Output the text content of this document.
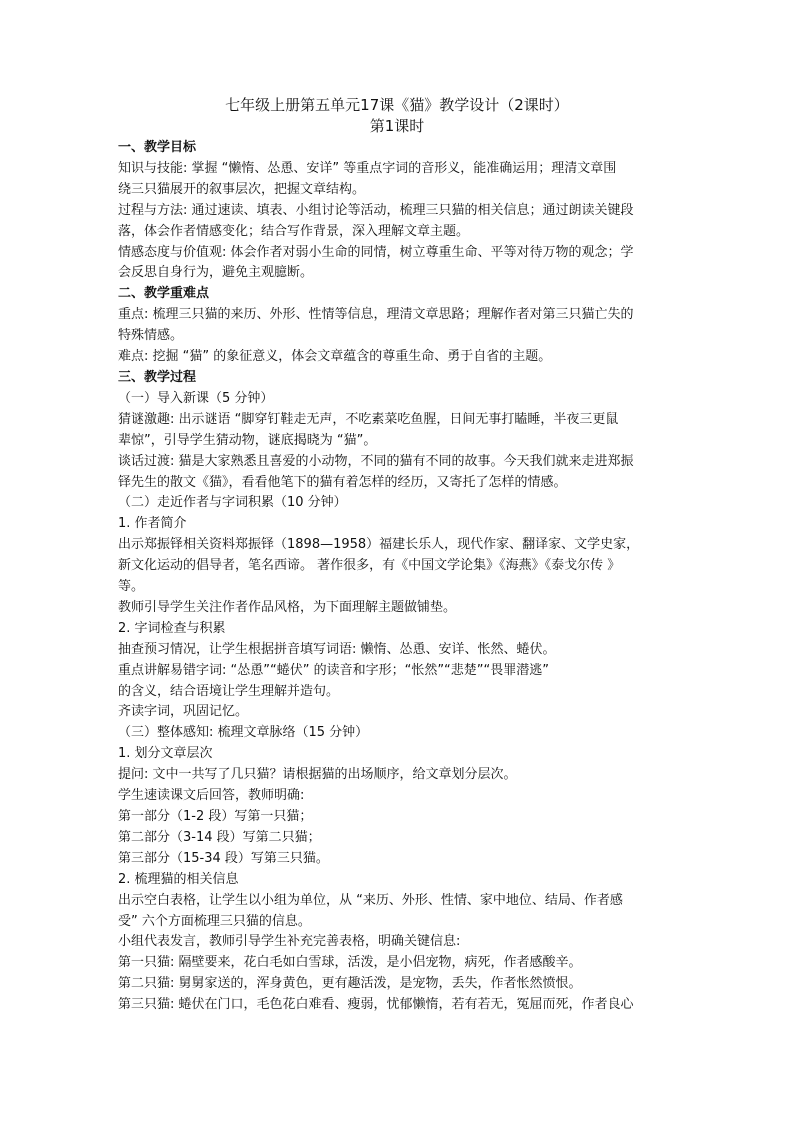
七年级上册第五单元17课《猫》教学设计（2课时）
第1课时

一、教学目标

知识与技能: 掌握 “懒惰、怂恿、安详” 等重点字词的音形义，能准确运用；理清文章围

绕三只猫展开的叙事层次，把握文章结构。

过程与方法: 通过速读、填表、小组讨论等活动，梳理三只猫的相关信息；通过朗读关键段

落，体会作者情感变化；结合写作背景，深入理解文章主题。

情感态度与价值观: 体会作者对弱小生命的同情，树立尊重生命、平等对待万物的观念；学

会反思自身行为，避免主观臆断。

二、教学重难点

重点: 梳理三只猫的来历、外形、性情等信息，理清文章思路；理解作者对第三只猫亡失的

特殊情感。

难点: 挖掘 “猫” 的象征意义，体会文章蕴含的尊重生命、勇于自省的主题。

三、教学过程

（一）导入新课（5 分钟）

猜谜激趣: 出示谜语 “脚穿钉鞋走无声，不吃素菜吃鱼腥，日间无事打瞌睡，半夜三更鼠

辈惊”，引导学生猜动物，谜底揭晓为 “猫”。

谈话过渡: 猫是大家熟悉且喜爱的小动物，不同的猫有不同的故事。今天我们就来走进郑振

铎先生的散文《猫》，看看他笔下的猫有着怎样的经历，又寄托了怎样的情感。

（二）走近作者与字词积累（10 分钟）

1. 作者简介

出示郑振铎相关资料郑振铎（1898—1958）福建长乐人，现代作家、翻译家、文学史家，

新文化运动的倡导者，笔名西谛。 著作很多，有《中国文学论集》《海燕》《泰戈尔传 》

等。

教师引导学生关注作者作品风格，为下面理解主题做铺垫。

2. 字词检查与积累

抽查预习情况，让学生根据拼音填写词语: 懒惰、怂恿、安详、怅然、蜷伏。

重点讲解易错字词: “怂恿”“蜷伏” 的读音和字形；“怅然”“悲楚”“畏罪潜逃”

的含义，结合语境让学生理解并造句。

齐读字词，巩固记忆。

（三）整体感知: 梳理文章脉络（15 分钟）

1. 划分文章层次

提问: 文中一共写了几只猫？请根据猫的出场顺序，给文章划分层次。

学生速读课文后回答，教师明确:

第一部分（1-2 段）写第一只猫；

第二部分（3-14 段）写第二只猫；

第三部分（15-34 段）写第三只猫。

2. 梳理猫的相关信息

出示空白表格，让学生以小组为单位，从 “来历、外形、性情、家中地位、结局、作者感

受” 六个方面梳理三只猫的信息。

小组代表发言，教师引导学生补充完善表格，明确关键信息:

第一只猫: 隔壁要来，花白毛如白雪球，活泼，是小侣宠物，病死，作者感酸辛。

第二只猫: 舅舅家送的，浑身黄色，更有趣活泼，是宠物，丢失，作者怅然愤恨。

第三只猫: 蜷伏在门口，毛色花白难看、瘦弱，忧郁懒惰，若有若无，冤屈而死，作者良心
